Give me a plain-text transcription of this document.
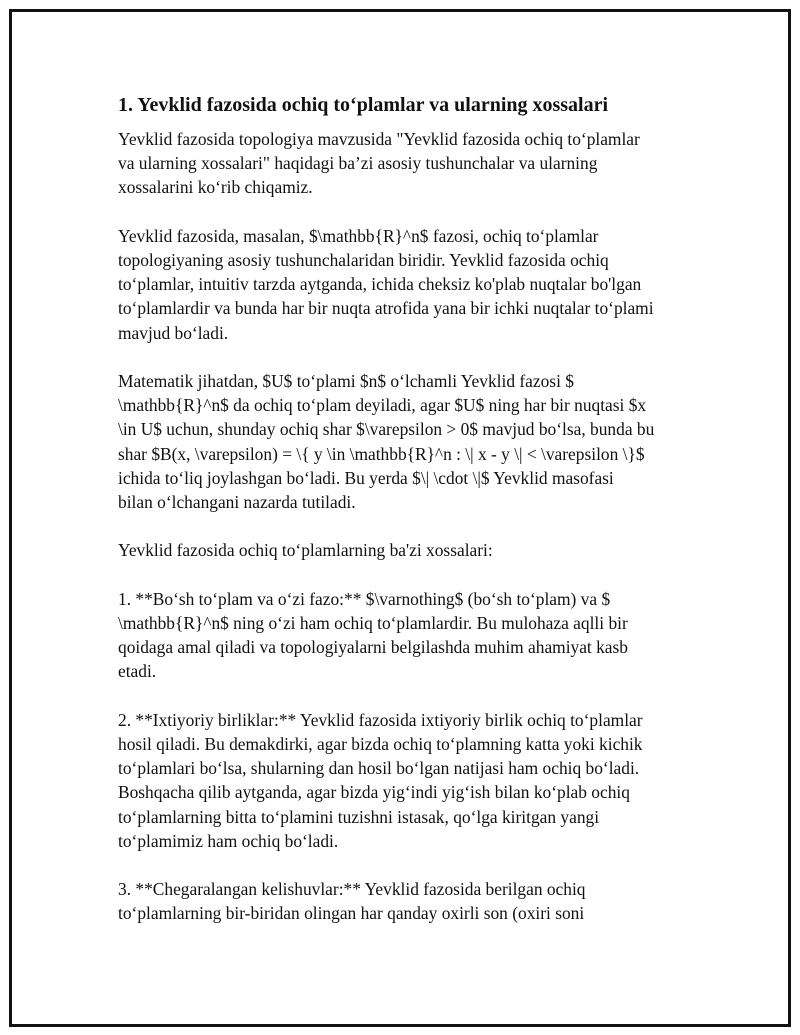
1. Yevklid fazosida ochiq to‘plamlar va ularning xossalari
Yevklid fazosida topologiya mavzusida "Yevklid fazosida ochiq to‘plamlar
va ularning xossalari" haqidagi ba’zi asosiy tushunchalar va ularning
xossalarini ko‘rib chiqamiz.
Yevklid fazosida, masalan, $\mathbb{R}^n$ fazosi, ochiq to‘plamlar
topologiyaning asosiy tushunchalaridan biridir. Yevklid fazosida ochiq
to‘plamlar, intuitiv tarzda aytganda, ichida cheksiz ko'plab nuqtalar bo'lgan
to‘plamlardir va bunda har bir nuqta atrofida yana bir ichki nuqtalar to‘plami
mavjud bo‘ladi.
Matematik jihatdan, $U$ to‘plami $n$ o‘lchamli Yevklid fazosi $
\mathbb{R}^n$ da ochiq to‘plam deyiladi, agar $U$ ning har bir nuqtasi $x
\in U$ uchun, shunday ochiq shar $\varepsilon > 0$ mavjud bo‘lsa, bunda bu
shar $B(x, \varepsilon) = \{ y \in \mathbb{R}^n : \| x - y \| < \varepsilon \}$
ichida to‘liq joylashgan bo‘ladi. Bu yerda $\| \cdot \|$ Yevklid masofasi
bilan o‘lchangani nazarda tutiladi.
Yevklid fazosida ochiq to‘plamlarning ba'zi xossalari:
1. **Bo‘sh to‘plam va o‘zi fazo:** $\varnothing$ (bo‘sh to‘plam) va $
\mathbb{R}^n$ ning o‘zi ham ochiq to‘plamlardir. Bu mulohaza aqlli bir
qoidaga amal qiladi va topologiyalarni belgilashda muhim ahamiyat kasb
etadi.
2. **Ixtiyoriy birliklar:** Yevklid fazosida ixtiyoriy birlik ochiq to‘plamlar
hosil qiladi. Bu demakdirki, agar bizda ochiq to‘plamning katta yoki kichik
to‘plamlari bo‘lsa, shularning dan hosil bo‘lgan natijasi ham ochiq bo‘ladi.
Boshqacha qilib aytganda, agar bizda yig‘indi yig‘ish bilan ko‘plab ochiq
to‘plamlarning bitta to‘plamini tuzishni istasak, qo‘lga kiritgan yangi
to‘plamimiz ham ochiq bo‘ladi.
3. **Chegaralangan kelishuvlar:** Yevklid fazosida berilgan ochiq
to‘plamlarning bir-biridan olingan har qanday oxirli son (oxiri soni
